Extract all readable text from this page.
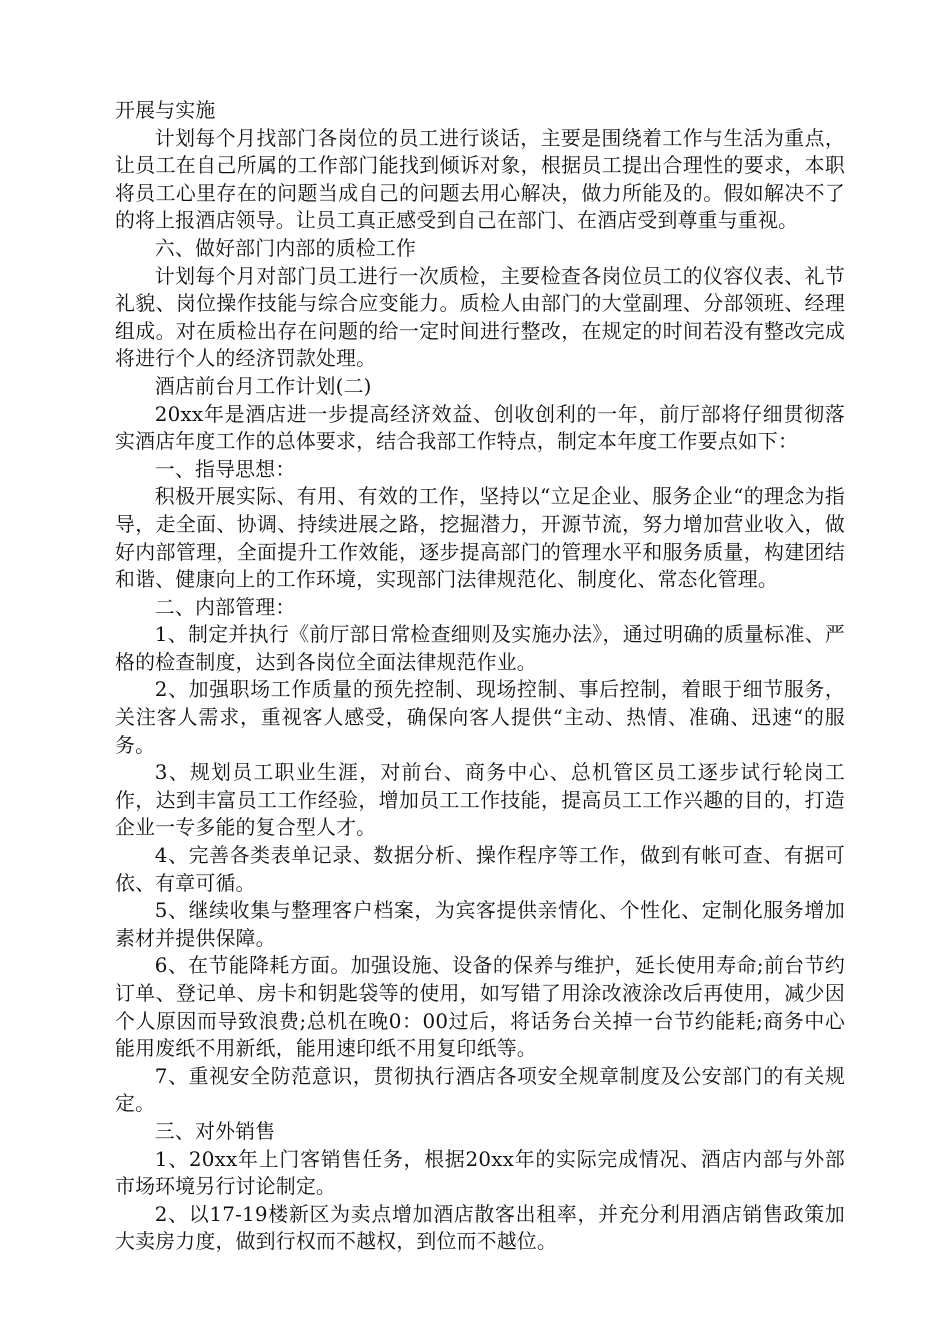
开展与实施

计划每个月找部门各岗位的员工进行谈话，主要是围绕着工作与生活为重点，让员工在自己所属的工作部门能找到倾诉对象，根据员工提出合理性的要求，本职将员工心里存在的问题当成自己的问题去用心解决，做力所能及的。假如解决不了的将上报酒店领导。让员工真正感受到自己在部门、在酒店受到尊重与重视。

六、做好部门内部的质检工作

计划每个月对部门员工进行一次质检，主要检查各岗位员工的仪容仪表、礼节礼貌、岗位操作技能与综合应变能力。质检人由部门的大堂副理、分部领班、经理组成。对在质检出存在问题的给一定时间进行整改，在规定的时间若没有整改完成将进行个人的经济罚款处理。

酒店前台月工作计划(二)

20xx年是酒店进一步提高经济效益、创收创利的一年，前厅部将仔细贯彻落实酒店年度工作的总体要求，结合我部工作特点，制定本年度工作要点如下：

一、指导思想：

积极开展实际、有用、有效的工作，坚持以“立足企业、服务企业“的理念为指导，走全面、协调、持续进展之路，挖掘潜力，开源节流，努力增加营业收入，做好内部管理，全面提升工作效能，逐步提高部门的管理水平和服务质量，构建团结和谐、健康向上的工作环境，实现部门法律规范化、制度化、常态化管理。

二、内部管理：

1、制定并执行《前厅部日常检查细则及实施办法》，通过明确的质量标准、严格的检查制度，达到各岗位全面法律规范作业。

2、加强职场工作质量的预先控制、现场控制、事后控制，着眼于细节服务，关注客人需求，重视客人感受，确保向客人提供“主动、热情、准确、迅速“的服务。

3、规划员工职业生涯，对前台、商务中心、总机管区员工逐步试行轮岗工作，达到丰富员工工作经验，增加员工工作技能，提高员工工作兴趣的目的，打造企业一专多能的复合型人才。

4、完善各类表单记录、数据分析、操作程序等工作，做到有帐可查、有据可依、有章可循。

5、继续收集与整理客户档案，为宾客提供亲情化、个性化、定制化服务增加素材并提供保障。

6、在节能降耗方面。加强设施、设备的保养与维护，延长使用寿命;前台节约订单、登记单、房卡和钥匙袋等的使用，如写错了用涂改液涂改后再使用，减少因个人原因而导致浪费;总机在晚0：00过后，将话务台关掉一台节约能耗;商务中心能用废纸不用新纸，能用速印纸不用复印纸等。

7、重视安全防范意识，贯彻执行酒店各项安全规章制度及公安部门的有关规定。

三、对外销售

1、20xx年上门客销售任务，根据20xx年的实际完成情况、酒店内部与外部市场环境另行讨论制定。

2、以17-19楼新区为卖点增加酒店散客出租率，并充分利用酒店销售政策加大卖房力度，做到行权而不越权，到位而不越位。
